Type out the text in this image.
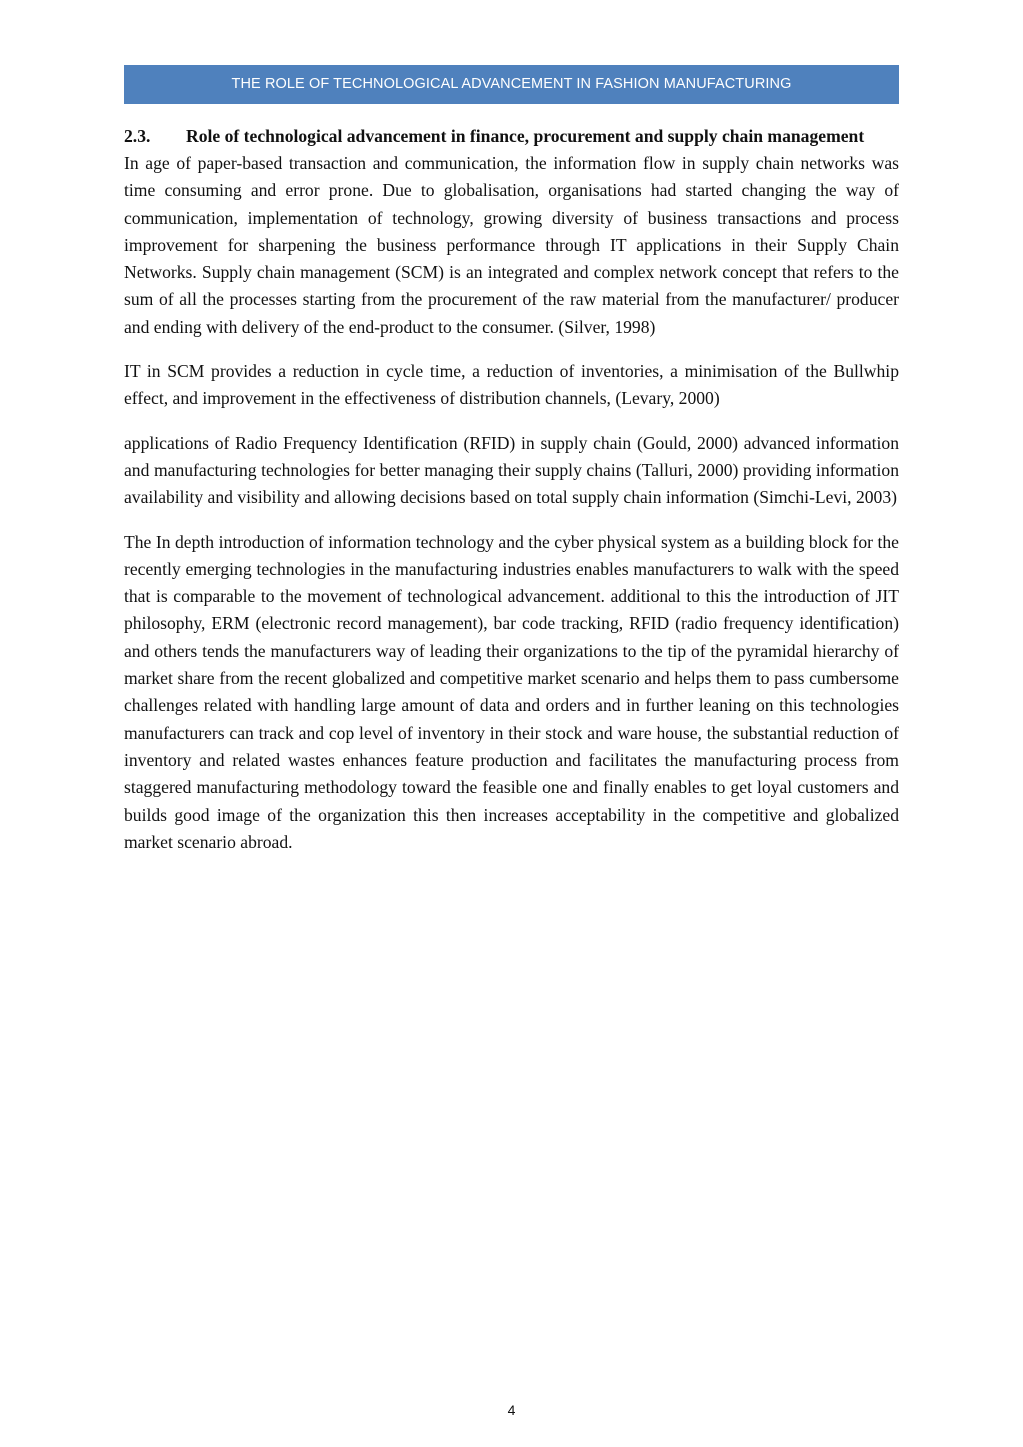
THE ROLE OF TECHNOLOGICAL ADVANCEMENT IN FASHION MANUFACTURING
2.3. Role of technological advancement in finance, procurement and supply chain management

In age of paper-based transaction and communication, the information flow in supply chain networks was time consuming and error prone. Due to globalisation, organisations had started changing the way of communication, implementation of technology, growing diversity of business transactions and process improvement for sharpening the business performance through IT applications in their Supply Chain Networks. Supply chain management (SCM) is an integrated and complex network concept that refers to the sum of all the processes starting from the procurement of the raw material from the manufacturer/ producer and ending with delivery of the end-product to the consumer. (Silver, 1998)

IT in SCM provides a reduction in cycle time, a reduction of inventories, a minimisation of the Bullwhip effect, and improvement in the effectiveness of distribution channels, (Levary, 2000)

applications of Radio Frequency Identification (RFID) in supply chain (Gould, 2000) advanced information and manufacturing technologies for better managing their supply chains (Talluri, 2000) providing information availability and visibility and allowing decisions based on total supply chain information (Simchi-Levi, 2003)

The In depth introduction of information technology and the cyber physical system as a building block for the recently emerging technologies in the manufacturing industries enables manufacturers to walk with the speed that is comparable to the movement of technological advancement. additional to this the introduction of JIT philosophy, ERM (electronic record management), bar code tracking, RFID (radio frequency identification) and others tends the manufacturers way of leading their organizations to the tip of the pyramidal hierarchy of market share from the recent globalized and competitive market scenario and helps them to pass cumbersome challenges related with handling large amount of data and orders and in further leaning on this technologies manufacturers can track and cop level of inventory in their stock and ware house, the substantial reduction of inventory and related wastes enhances feature production and facilitates the manufacturing process from staggered manufacturing methodology toward the feasible one and finally enables to get loyal customers and builds good image of the organization this then increases acceptability in the competitive and globalized market scenario abroad.

4
